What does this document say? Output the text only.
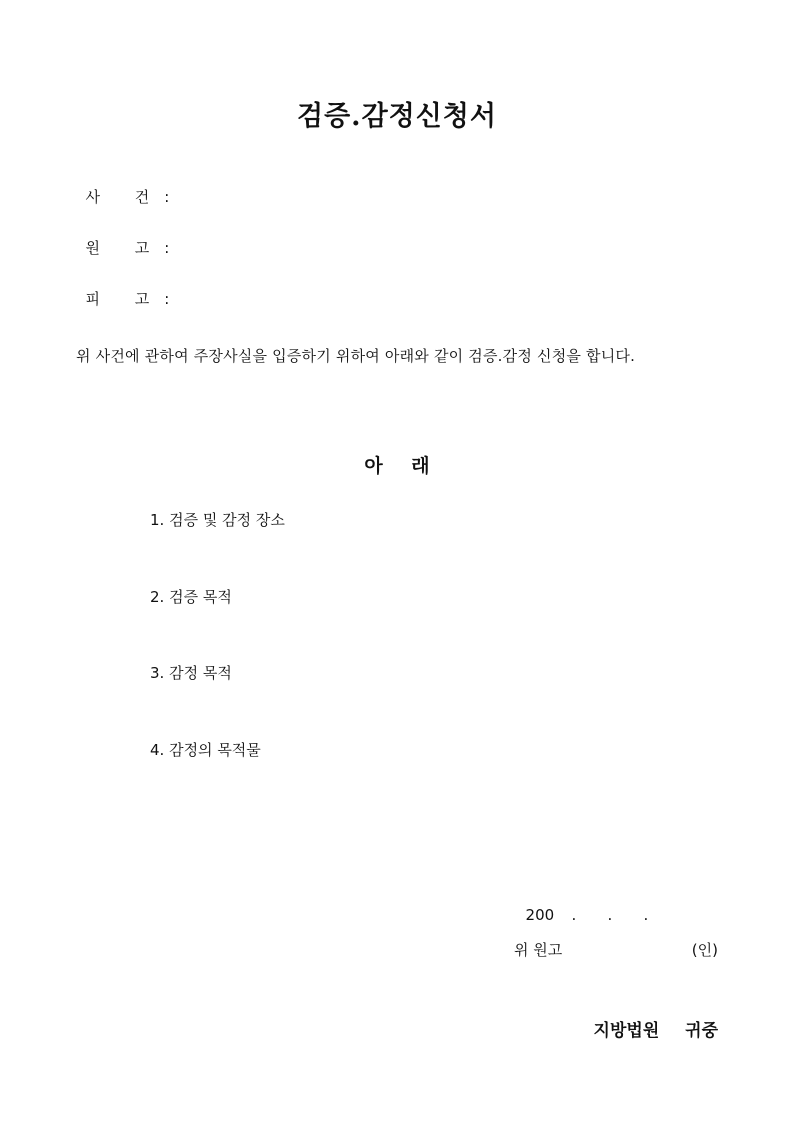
검증.감정신청서

사 건:

원 고:

피 고:

위 사건에 관하여 주장사실을 입증하기 위하여 아래와 같이 검증.감정 신청을 합니다.
아 래
1. 검증 및 감정 장소
2. 검증 목적
3. 감정 목적
4. 감정의 목적물

200 . . .

위 원고	(인)
지방법원 귀중
